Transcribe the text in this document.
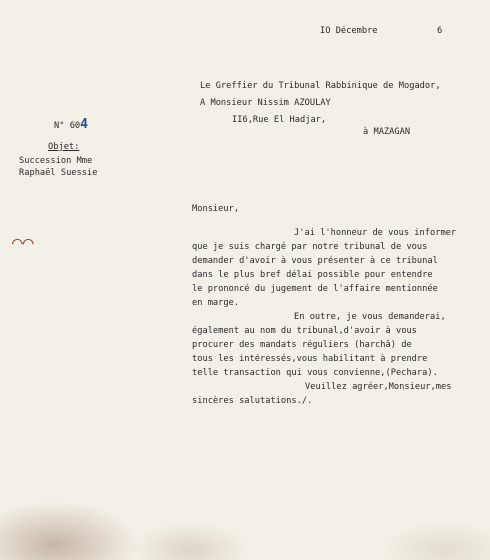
IO Décembre	6
Le Greffier du Tribunal Rabbinique de Mogador,
A Monsieur Nissim AZOULAY
II6,Rue El Hadjar,
à MAZAGAN
N° 604
Objet:
Succession Mme
Raphaël Suessie
⌒⌒
Monsieur,
J'ai l'honneur de vous informer
que je suis chargé par notre tribunal de vous
demander d'avoir à vous présenter à ce tribunal
dans le plus bref délai possible pour entendre
le prononcé du jugement de l'affaire mentionnée
en marge.
En outre, je vous demanderai,
également au nom du tribunal,d'avoir à vous
procurer des mandats réguliers (harchâ) de
tous les intéressés,vous habilitant à prendre
telle transaction qui vous convienne,(Pechara).
Veuillez agréer,Monsieur,mes
sincères salutations./.
